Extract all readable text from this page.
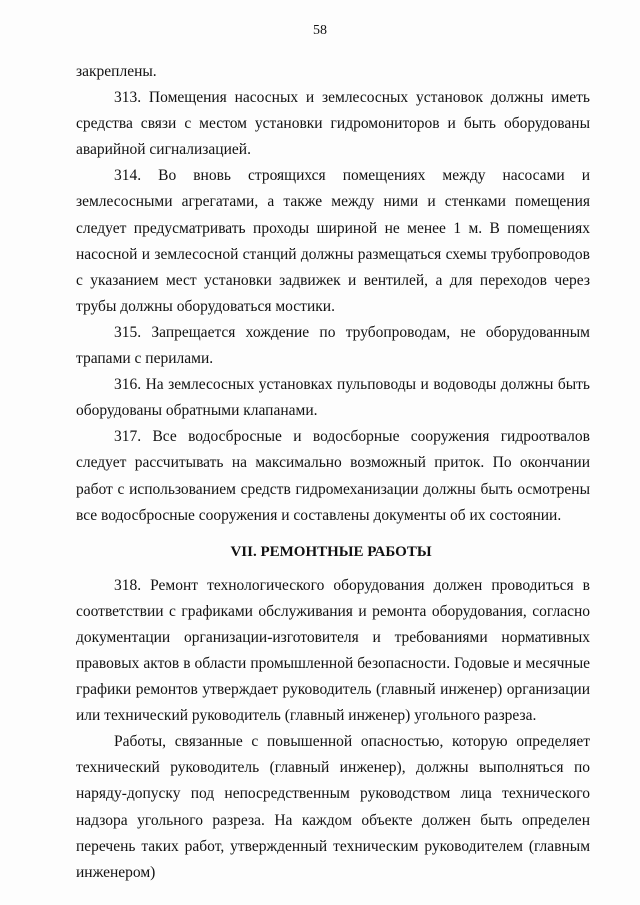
58

закреплены.

313. Помещения насосных и землесосных установок должны иметь средства связи с местом установки гидромониторов и быть оборудованы аварийной сигнализацией.

314. Во вновь строящихся помещениях между насосами и землесосными агрегатами, а также между ними и стенками помещения следует предусматривать проходы шириной не менее 1 м. В помещениях насосной и землесосной станций должны размещаться схемы трубопроводов с указанием мест установки задвижек и вентилей, а для переходов через трубы должны оборудоваться мостики.

315. Запрещается хождение по трубопроводам, не оборудованным трапами с перилами.

316. На землесосных установках пульповоды и водоводы должны быть оборудованы обратными клапанами.

317. Все водосбросные и водосборные сооружения гидроотвалов следует рассчитывать на максимально возможный приток. По окончании работ с использованием средств гидромеханизации должны быть осмотрены все водосбросные сооружения и составлены документы об их состоянии.

VII. РЕМОНТНЫЕ РАБОТЫ

318. Ремонт технологического оборудования должен проводиться в соответствии с графиками обслуживания и ремонта оборудования, согласно документации организации-изготовителя и требованиями нормативных правовых актов в области промышленной безопасности. Годовые и месячные графики ремонтов утверждает руководитель (главный инженер) организации или технический руководитель (главный инженер) угольного разреза.

Работы, связанные с повышенной опасностью, которую определяет технический руководитель (главный инженер), должны выполняться по наряду-допуску под непосредственным руководством лица технического надзора угольного разреза. На каждом объекте должен быть определен перечень таких работ, утвержденный техническим руководителем (главным инженером)
